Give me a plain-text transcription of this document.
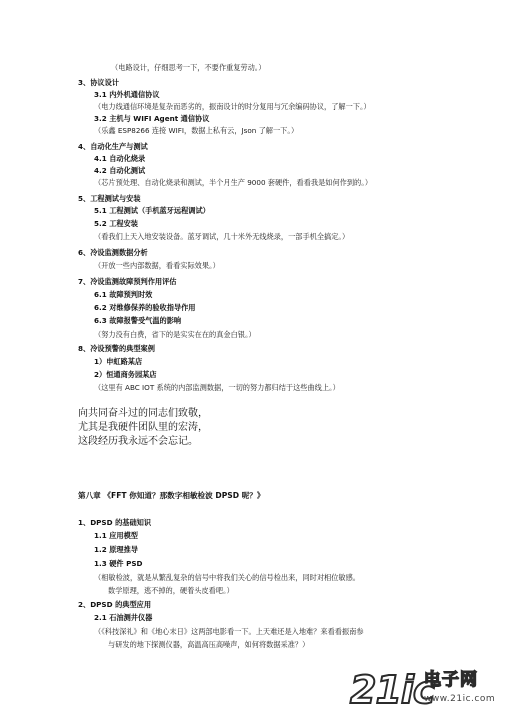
（电路设计，仔细思考一下，不要作重复劳动。）
3、协议设计
3.1 内外机通信协议
（电力线通信环境是复杂而恶劣的，振南设计的时分复用与冗余编码协议，了解一下。）
3.2 主机与 WIFI Agent 通信协议
（乐鑫 ESP8266 连接 WIFI，数据上私有云，Json 了解一下。）
4、自动化生产与测试
4.1 自动化烧录
4.2 自动化测试
（芯片预处理、自动化烧录和测试，半个月生产 9000 套硬件，看看我是如何作到的。）
5、工程测试与安装
5.1 工程测试（手机蓝牙远程调试）
5.2 工程安装
（看我们上天入地安装设备。蓝牙调试，几十米外无线烧录，一部手机全搞定。）
6、冷设监测数据分析
（开放一些内部数据，看看实际效果。）
7、冷设监测故障预判作用评估
6.1 故障预判时效
6.2 对维修保养的验收指导作用
6.3 故障报警受气温的影响
（努力没有白费，省下的是实实在在的真金白银。）
8、冷设预警的典型案例
1）申虹路某店
2）恒通商务园某店
（这里有 ABC IOT 系统的内部监测数据，一切的努力都归结于这些曲线上。）
向共同奋斗过的同志们致敬，
尤其是我硬件团队里的宏涛，
这段经历我永远不会忘记。
第八章 《FFT 你知道？那数字相敏检波 DPSD 呢？》
1、DPSD 的基础知识
1.1 应用模型
1.2 原理推导
1.3 硬件 PSD
（相敏检波，就是从繁乱复杂的信号中将我们关心的信号检出来，同时对相位敏感。
数学原理，逃不掉的，硬着头皮看吧。）
2、DPSD 的典型应用
2.1 石油测井仪器
（《科技深礼》和《地心末日》这两部电影看一下。上天难还是入地难？来看看振南参
与研发的地下探测仪器，高温高压高噪声，如何将数据采准？）
21ic
电子网
www.21ic.com
